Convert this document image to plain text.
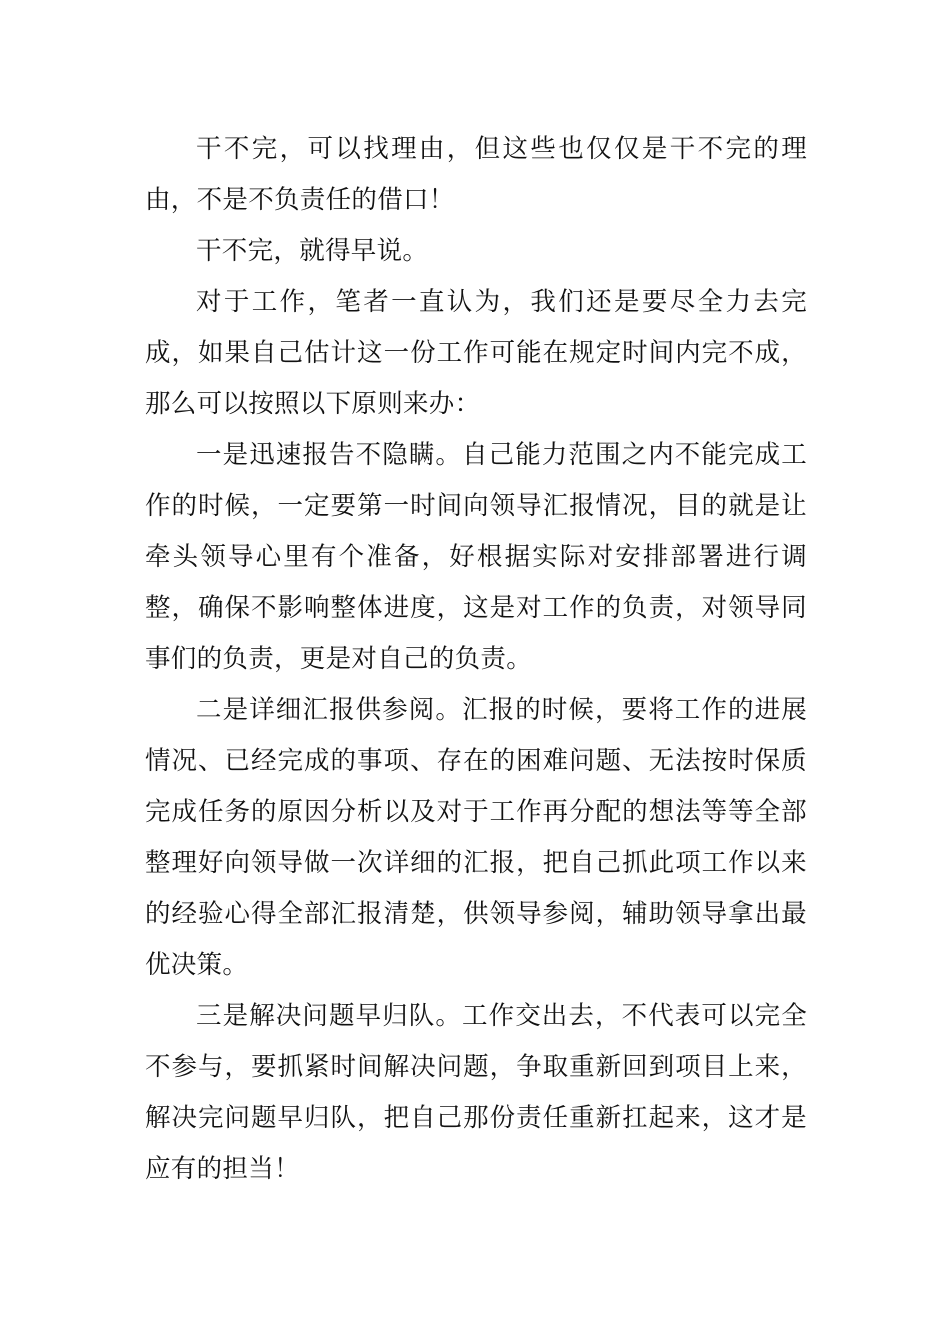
干不完，可以找理由，但这些也仅仅是干不完的理由，不是不负责任的借口！

干不完，就得早说。

对于工作，笔者一直认为，我们还是要尽全力去完成，如果自己估计这一份工作可能在规定时间内完不成，那么可以按照以下原则来办：

一是迅速报告不隐瞒。自己能力范围之内不能完成工作的时候，一定要第一时间向领导汇报情况，目的就是让牵头领导心里有个准备，好根据实际对安排部署进行调整，确保不影响整体进度，这是对工作的负责，对领导同事们的负责，更是对自己的负责。

二是详细汇报供参阅。汇报的时候，要将工作的进展情况、已经完成的事项、存在的困难问题、无法按时保质完成任务的原因分析以及对于工作再分配的想法等等全部整理好向领导做一次详细的汇报，把自己抓此项工作以来的经验心得全部汇报清楚，供领导参阅，辅助领导拿出最优决策。

三是解决问题早归队。工作交出去，不代表可以完全不参与，要抓紧时间解决问题，争取重新回到项目上来，解决完问题早归队，把自己那份责任重新扛起来，这才是应有的担当！
